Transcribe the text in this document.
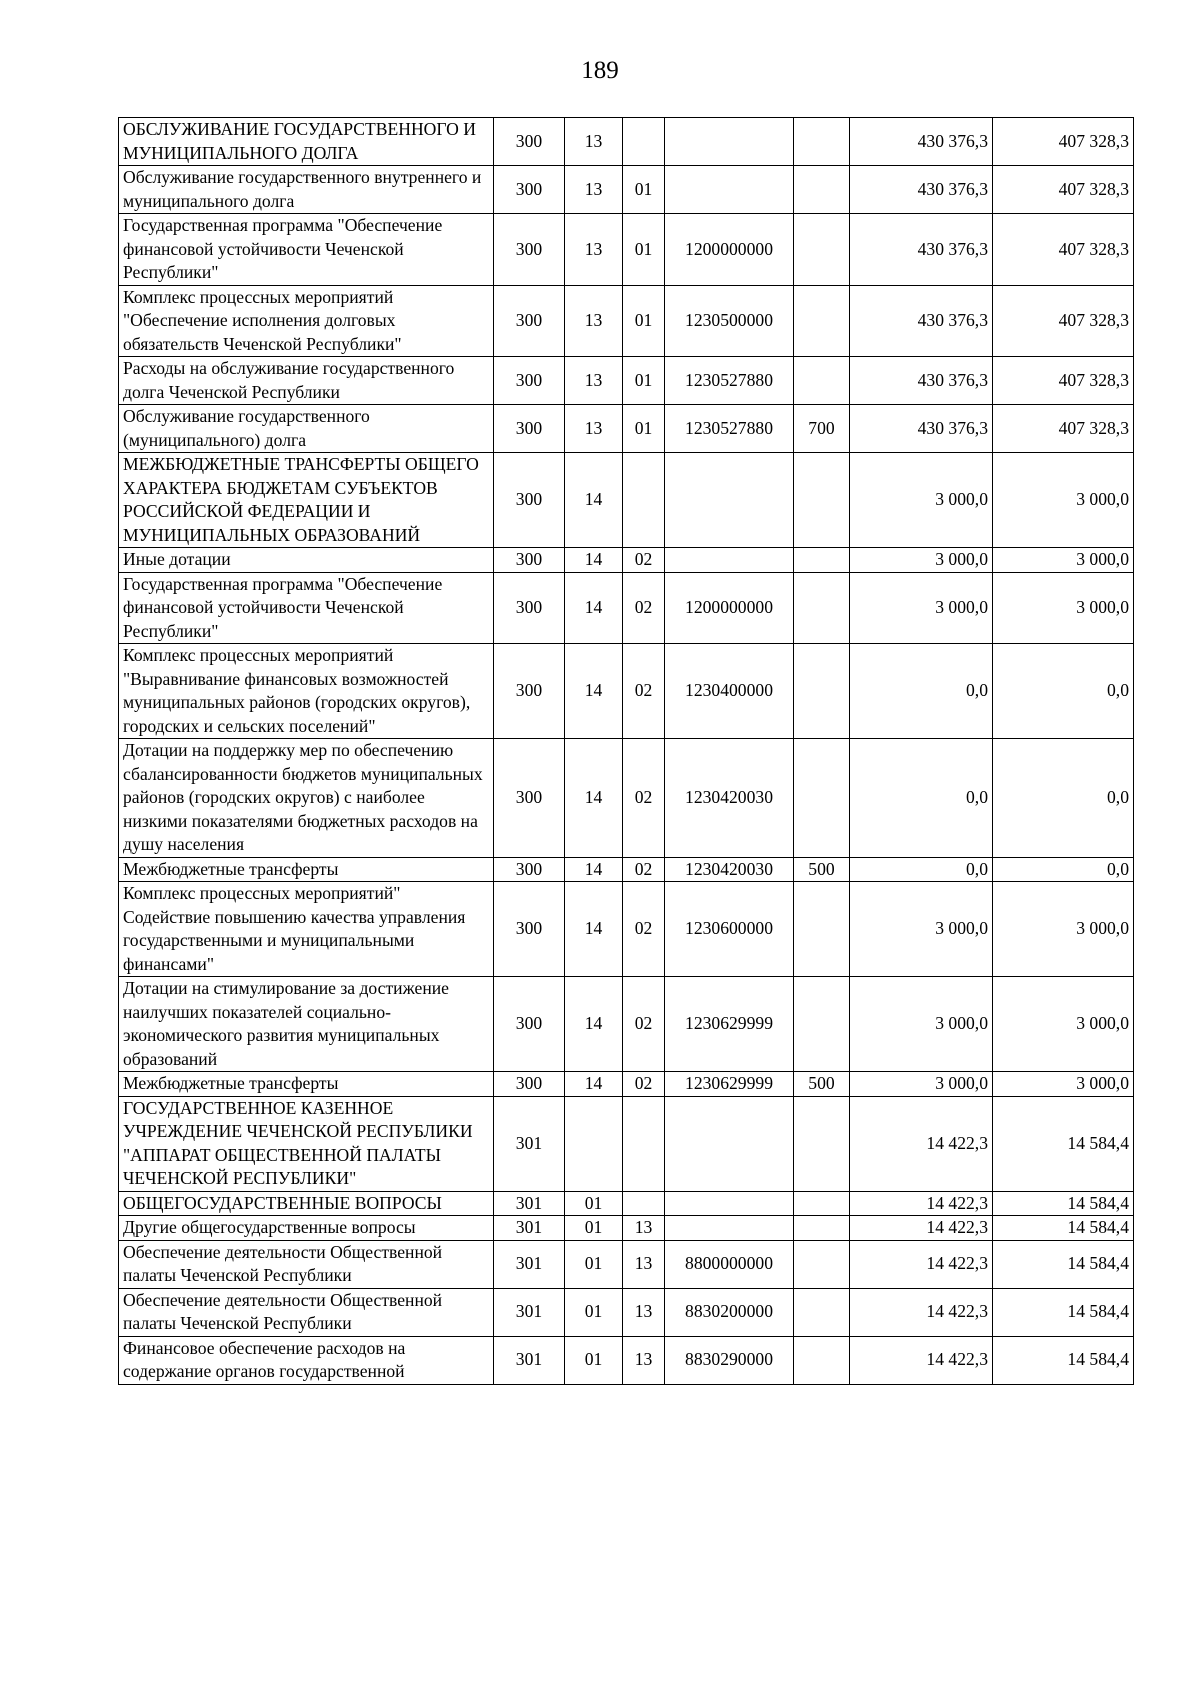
189
ОБСЛУЖИВАНИЕ ГОСУДАРСТВЕННОГО И МУНИЦИПАЛЬНОГО ДОЛГА	300	13				430 376,3	407 328,3
Обслуживание государственного внутреннего и муниципального долга	300	13	01			430 376,3	407 328,3
Государственная программа "Обеспечение финансовой устойчивости Чеченской Республики"	300	13	01	1200000000		430 376,3	407 328,3
Комплекс процессных мероприятий "Обеспечение исполнения долговых обязательств Чеченской Республики"	300	13	01	1230500000		430 376,3	407 328,3
Расходы на обслуживание государственного долга Чеченской Республики	300	13	01	1230527880		430 376,3	407 328,3
Обслуживание государственного (муниципального) долга	300	13	01	1230527880	700	430 376,3	407 328,3
МЕЖБЮДЖЕТНЫЕ ТРАНСФЕРТЫ ОБЩЕГО ХАРАКТЕРА БЮДЖЕТАМ СУБЪЕКТОВ РОССИЙСКОЙ ФЕДЕРАЦИИ И МУНИЦИПАЛЬНЫХ ОБРАЗОВАНИЙ	300	14				3 000,0	3 000,0
Иные дотации	300	14	02			3 000,0	3 000,0
Государственная программа "Обеспечение финансовой устойчивости Чеченской Республики"	300	14	02	1200000000		3 000,0	3 000,0
Комплекс процессных мероприятий "Выравнивание финансовых возможностей муниципальных районов (городских округов), городских и сельских поселений"	300	14	02	1230400000		0,0	0,0
Дотации на поддержку мер по обеспечению сбалансированности бюджетов муниципальных районов (городских округов) с наиболее низкими показателями бюджетных расходов на душу населения	300	14	02	1230420030		0,0	0,0
Межбюджетные трансферты	300	14	02	1230420030	500	0,0	0,0
Комплекс процессных мероприятий" Содействие повышению качества управления государственными и муниципальными финансами"	300	14	02	1230600000		3 000,0	3 000,0
Дотации на стимулирование за достижение наилучших показателей социально-экономического развития муниципальных образований	300	14	02	1230629999		3 000,0	3 000,0
Межбюджетные трансферты	300	14	02	1230629999	500	3 000,0	3 000,0
ГОСУДАРСТВЕННОЕ КАЗЕННОЕ УЧРЕЖДЕНИЕ ЧЕЧЕНСКОЙ РЕСПУБЛИКИ "АППАРАТ ОБЩЕСТВЕННОЙ ПАЛАТЫ ЧЕЧЕНСКОЙ РЕСПУБЛИКИ"	301					14 422,3	14 584,4
ОБЩЕГОСУДАРСТВЕННЫЕ ВОПРОСЫ	301	01				14 422,3	14 584,4
Другие общегосударственные вопросы	301	01	13			14 422,3	14 584,4
Обеспечение деятельности Общественной палаты Чеченской Республики	301	01	13	8800000000		14 422,3	14 584,4
Обеспечение деятельности Общественной палаты Чеченской Республики	301	01	13	8830200000		14 422,3	14 584,4
Финансовое обеспечение расходов на содержание органов государственной	301	01	13	8830290000		14 422,3	14 584,4
